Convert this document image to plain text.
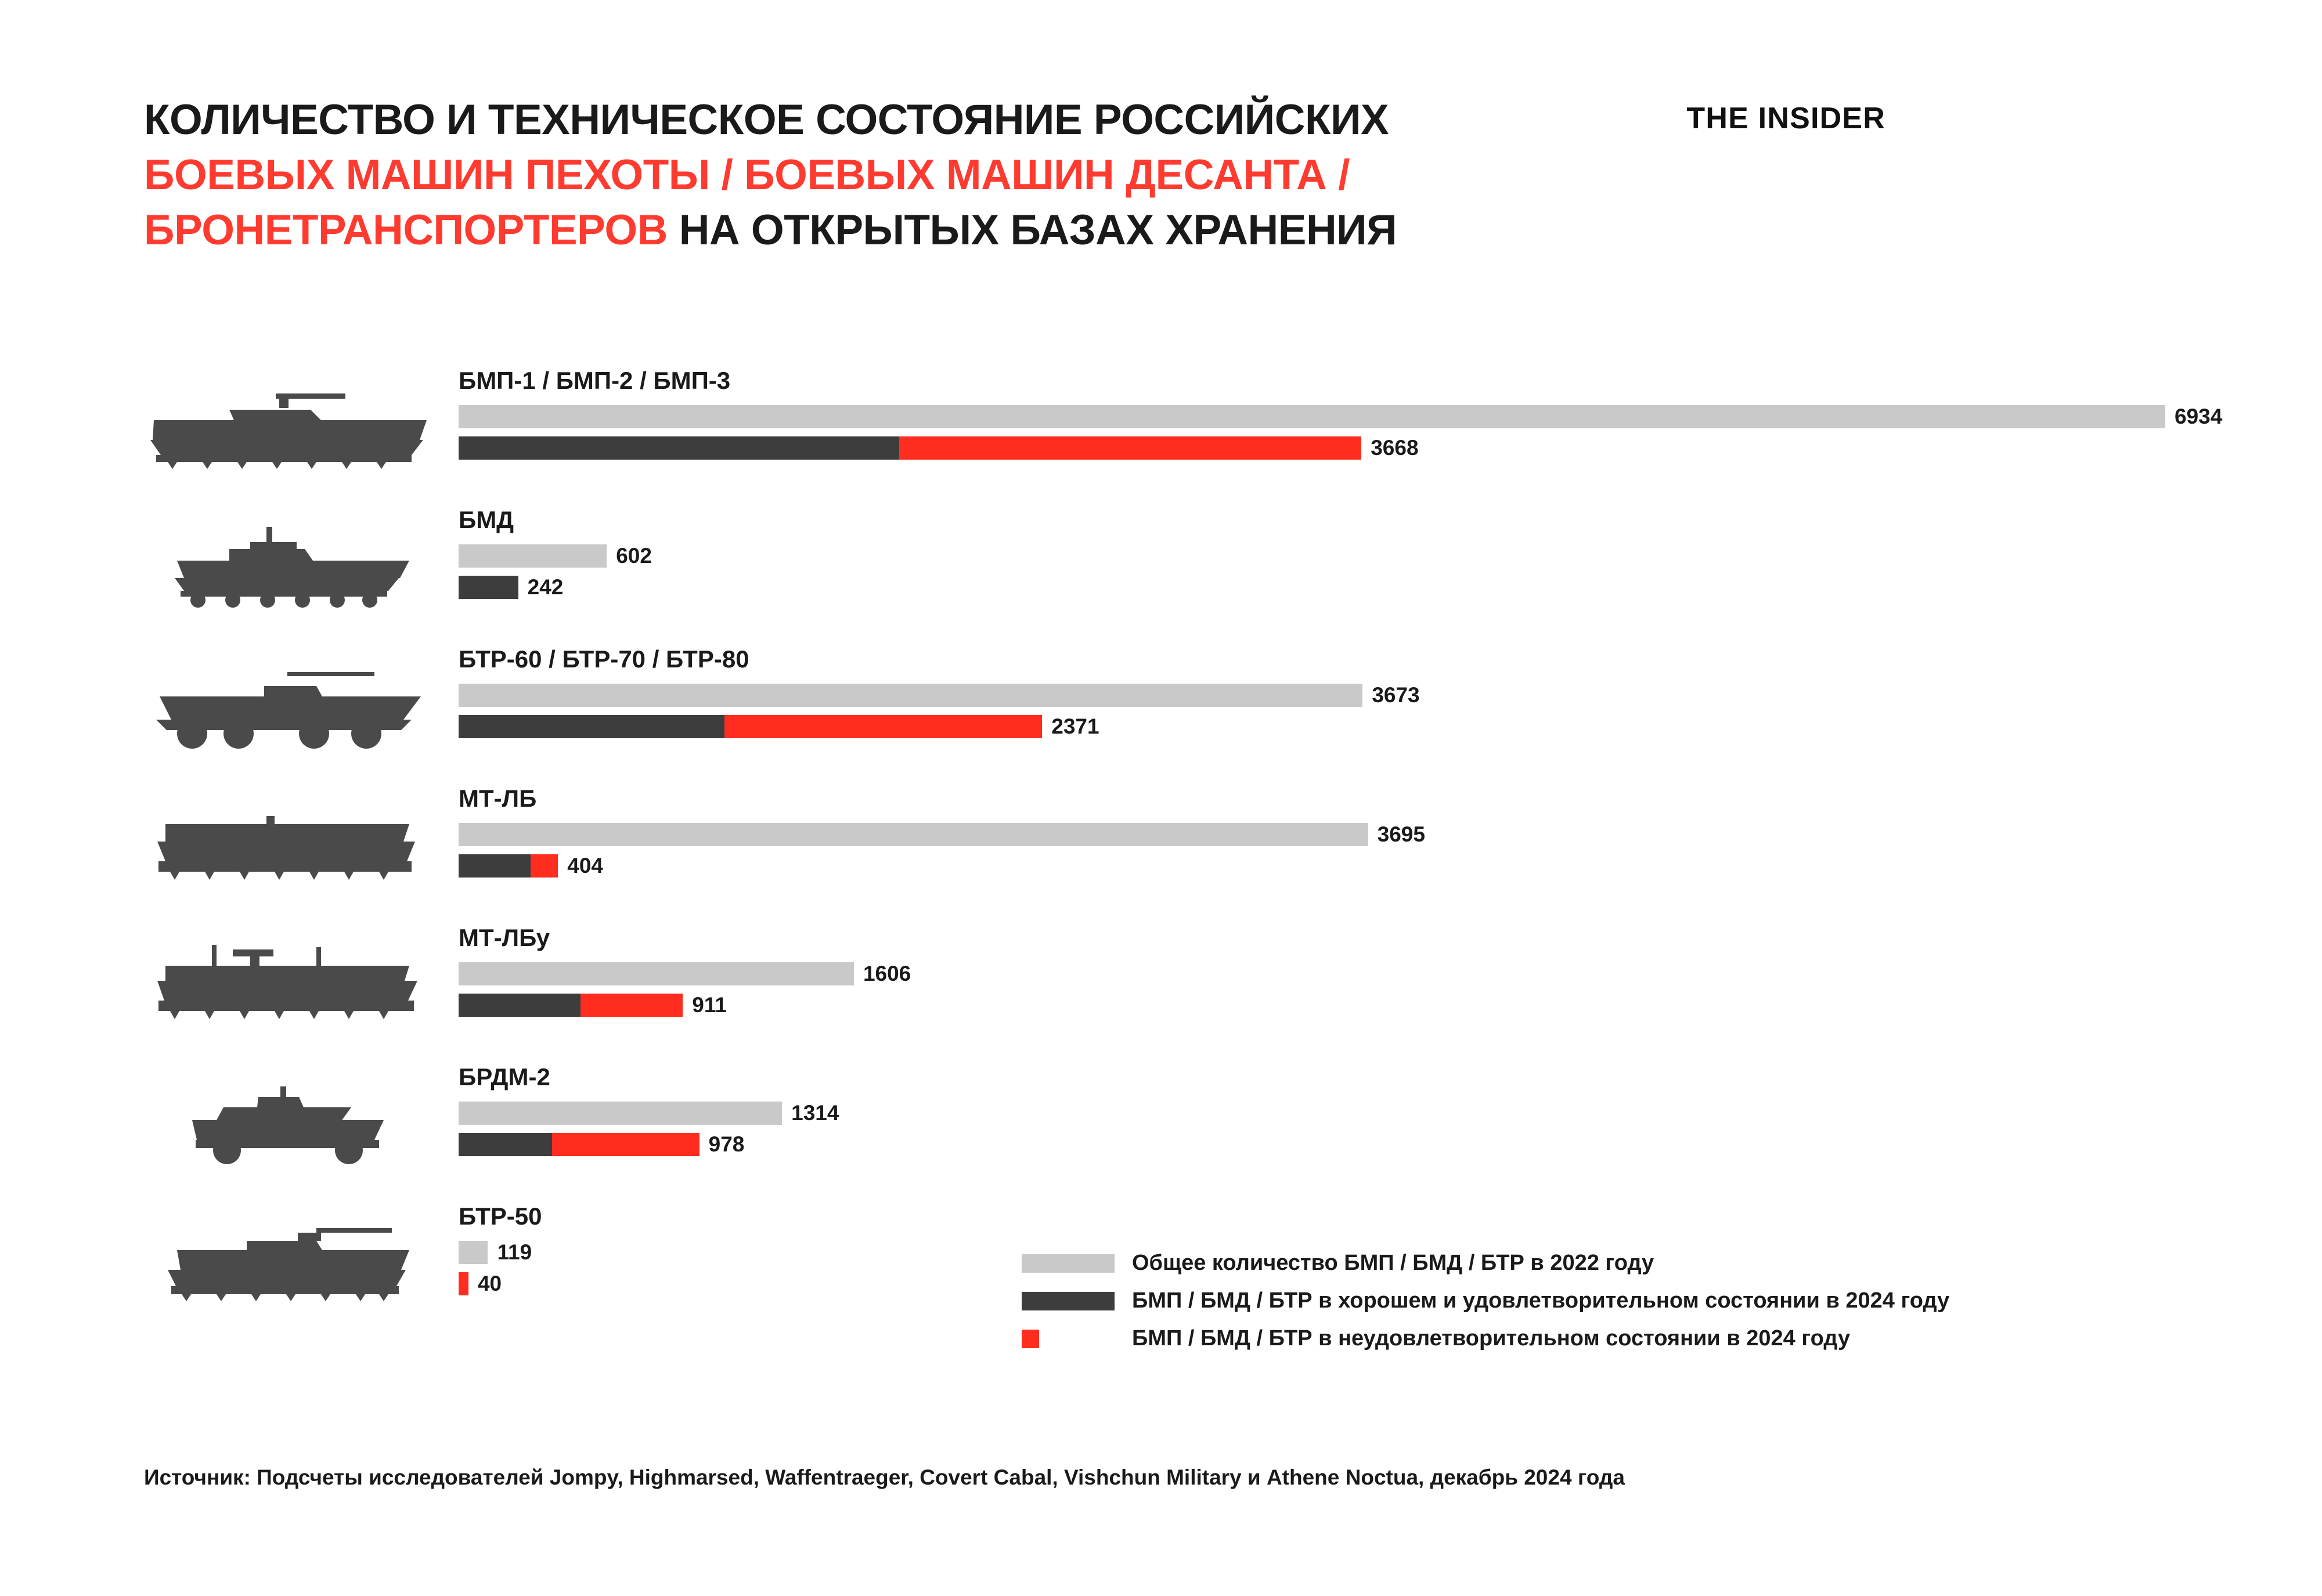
КОЛИЧЕСТВО И ТЕХНИЧЕСКОЕ СОСТОЯНИЕ РОССИЙСКИХ
БОЕВЫХ МАШИН ПЕХОТЫ / БОЕВЫХ МАШИН ДЕСАНТА /
БРОНЕТРАНСПОРТЕРОВ НА ОТКРЫТЫХ БАЗАХ ХРАНЕНИЯ
THE INSIDER
БМП-1 / БМП-2 / БМП-3
6934
3668
БМД
602
242
БТР-60 / БТР-70 / БТР-80
3673
2371
МТ-ЛБ
3695
404
МТ-ЛБу
1606
911
БРДМ-2
1314
978
БТР-50
119
40
Общее количество БМП / БМД / БТР в 2022 году
БМП / БМД / БТР в хорошем и удовлетворительном состоянии в 2024 году
БМП / БМД / БТР в неудовлетворительном состоянии в 2024 году
Источник: Подсчеты исследователей Jompy, Highmarsed, Waffentraeger, Covert Cabal, Vishchun Military и Athene Noctua, декабрь 2024 года
